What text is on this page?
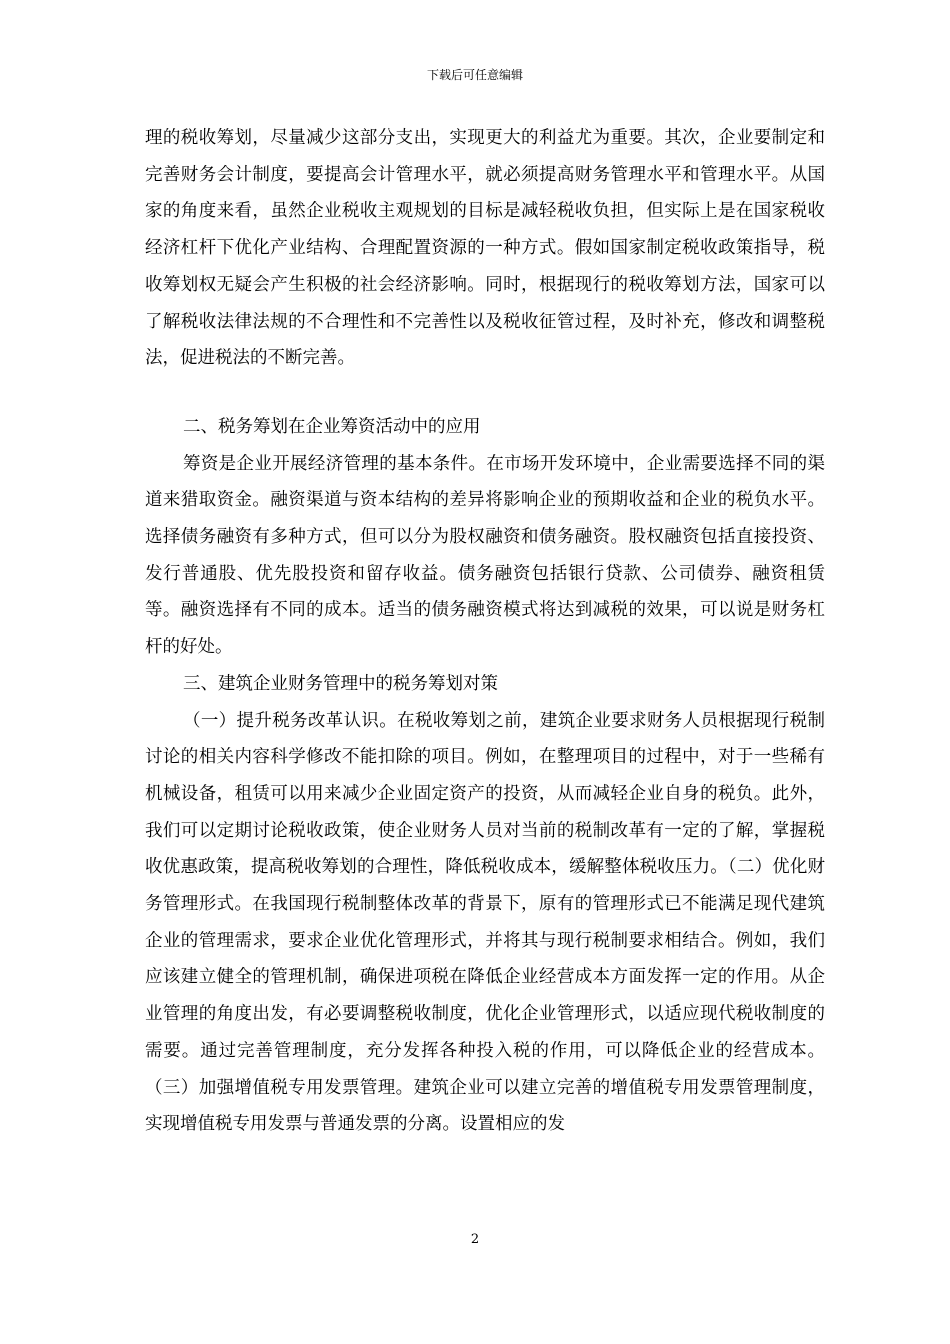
下载后可任意编辑

理的税收筹划，尽量减少这部分支出，实现更大的利益尤为重要。其次，企业要制定和完善财务会计制度，要提高会计管理水平，就必须提高财务管理水平和管理水平。从国家的角度来看，虽然企业税收主观规划的目标是减轻税收负担，但实际上是在国家税收经济杠杆下优化产业结构、合理配置资源的一种方式。假如国家制定税收政策指导，税收筹划权无疑会产生积极的社会经济影响。同时，根据现行的税收筹划方法，国家可以了解税收法律法规的不合理性和不完善性以及税收征管过程，及时补充，修改和调整税法，促进税法的不断完善。

二、税务筹划在企业筹资活动中的应用

筹资是企业开展经济管理的基本条件。在市场开发环境中，企业需要选择不同的渠道来猎取资金。融资渠道与资本结构的差异将影响企业的预期收益和企业的税负水平。选择债务融资有多种方式，但可以分为股权融资和债务融资。股权融资包括直接投资、发行普通股、优先股投资和留存收益。债务融资包括银行贷款、公司债券、融资租赁等。融资选择有不同的成本。适当的债务融资模式将达到减税的效果，可以说是财务杠杆的好处。

三、建筑企业财务管理中的税务筹划对策

（一）提升税务改革认识。在税收筹划之前，建筑企业要求财务人员根据现行税制讨论的相关内容科学修改不能扣除的项目。例如，在整理项目的过程中，对于一些稀有机械设备，租赁可以用来减少企业固定资产的投资，从而减轻企业自身的税负。此外，我们可以定期讨论税收政策，使企业财务人员对当前的税制改革有一定的了解，掌握税收优惠政策，提高税收筹划的合理性，降低税收成本，缓解整体税收压力。（二）优化财务管理形式。在我国现行税制整体改革的背景下，原有的管理形式已不能满足现代建筑企业的管理需求，要求企业优化管理形式，并将其与现行税制要求相结合。例如，我们应该建立健全的管理机制，确保进项税在降低企业经营成本方面发挥一定的作用。从企业管理的角度出发，有必要调整税收制度，优化企业管理形式，以适应现代税收制度的需要。通过完善管理制度，充分发挥各种投入税的作用，可以降低企业的经营成本。（三）加强增值税专用发票管理。建筑企业可以建立完善的增值税专用发票管理制度，实现增值税专用发票与普通发票的分离。设置相应的发

2
